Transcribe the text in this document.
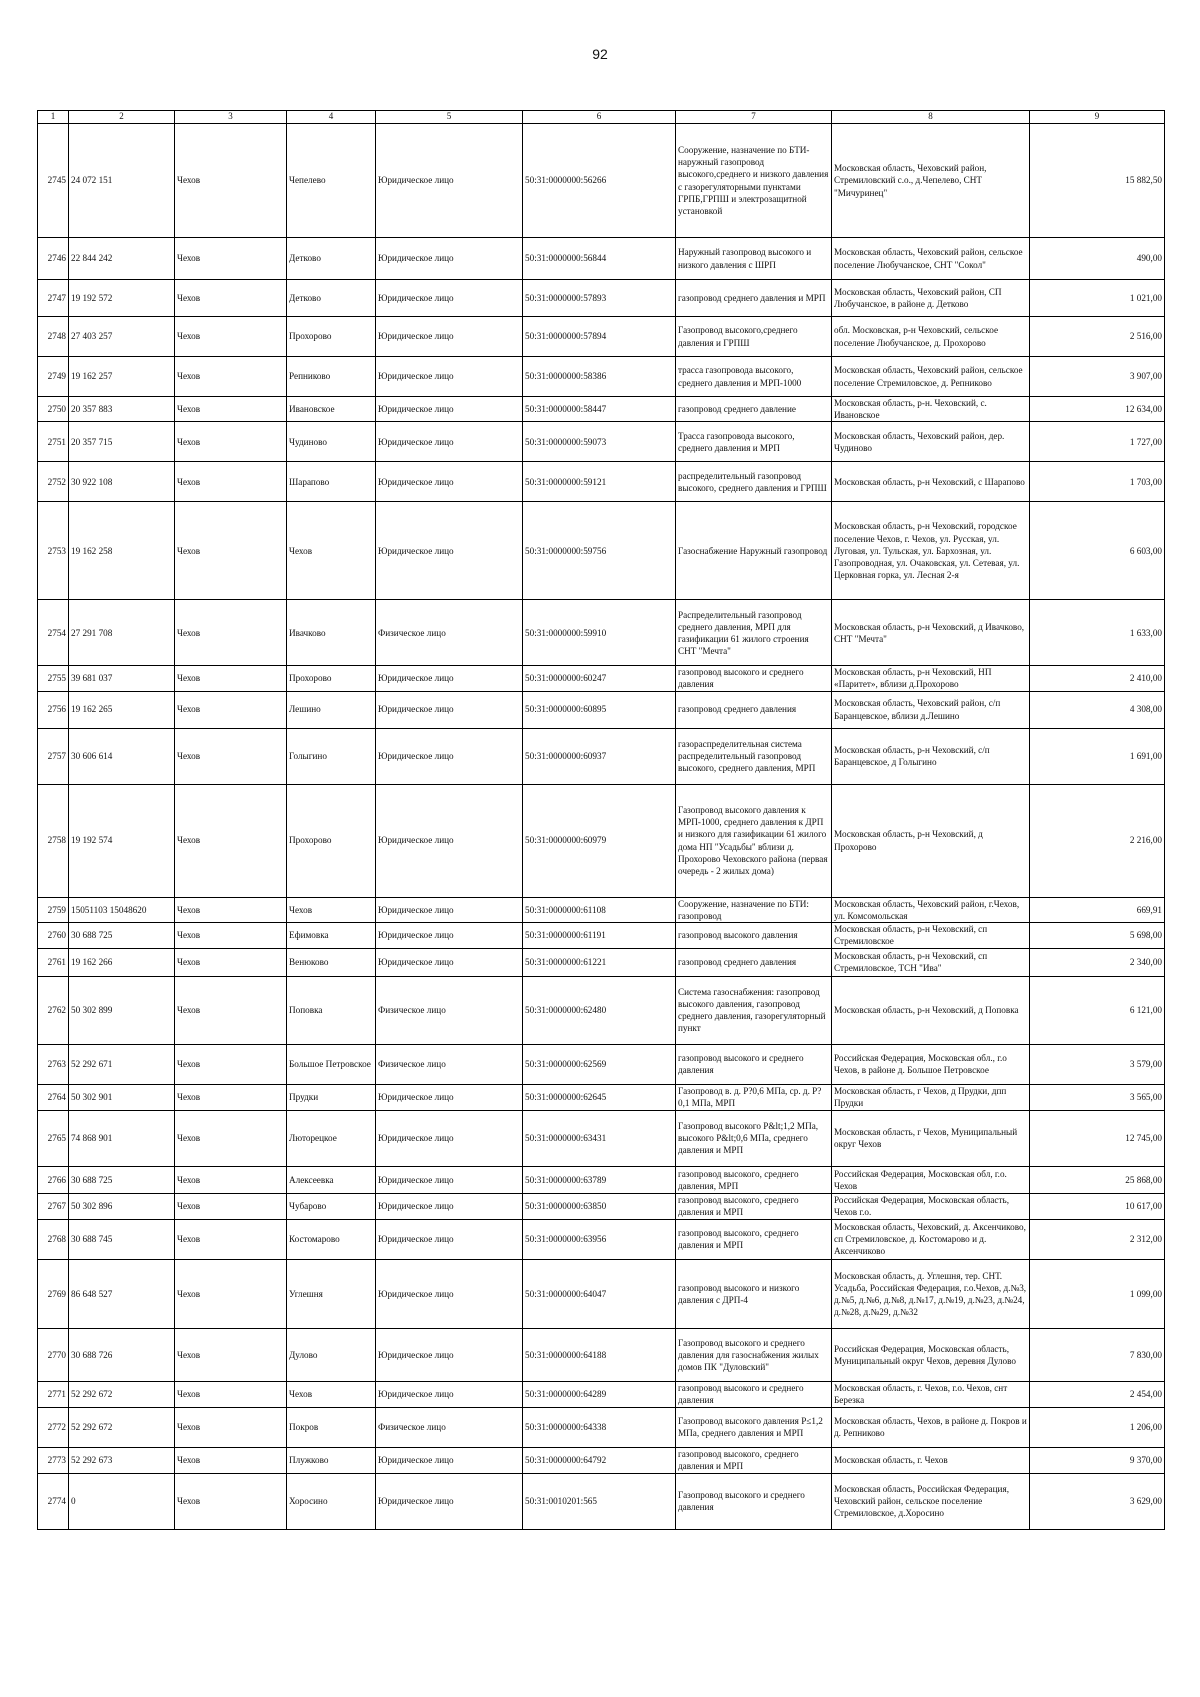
92
1	2	3	4	5	6	7	8	9
2745	24 072 151	Чехов	Чепелево	Юридическое лицо	50:31:0000000:56266	Сооружение, назначение по БТИ-наружный газопровод высокого,среднего и низкого давления с газорегуляторными пунктами ГРПБ,ГРПШ и электрозащитной установкой	Московская область, Чеховский район, Стремиловский с.о., д.Чепелево, СНТ "Мичуринец"	15 882,50
2746	22 844 242	Чехов	Детково	Юридическое лицо	50:31:0000000:56844	Наружный газопровод высокого и низкого давления с ШРП	Московская область, Чеховский район, сельское поселение Любучанское, СНТ "Сокол"	490,00
2747	19 192 572	Чехов	Детково	Юридическое лицо	50:31:0000000:57893	газопровод среднего давления и МРП	Московская область, Чеховский район, СП Любучанское, в районе д. Детково	1 021,00
2748	27 403 257	Чехов	Прохорово	Юридическое лицо	50:31:0000000:57894	Газопровод высокого,среднего давления и ГРПШ	обл. Московская, р-н Чеховский, сельское поселение Любучанское, д. Прохорово	2 516,00
2749	19 162 257	Чехов	Репниково	Юридическое лицо	50:31:0000000:58386	трасса газопровода высокого, среднего давления и МРП-1000	Московская область, Чеховский район, сельское поселение Стремиловское, д. Репниково	3 907,00
2750	20 357 883	Чехов	Ивановское	Юридическое лицо	50:31:0000000:58447	газопровод среднего давление	Московская область, р-н. Чеховский, с. Ивановское	12 634,00
2751	20 357 715	Чехов	Чудиново	Юридическое лицо	50:31:0000000:59073	Трасса газопровода высокого, среднего давления и МРП	Московская область, Чеховский район, дер. Чудиново	1 727,00
2752	30 922 108	Чехов	Шарапово	Юридическое лицо	50:31:0000000:59121	распределительный газопровод высокого, среднего давления и ГРПШ	Московская область, р-н Чеховский, с Шарапово	1 703,00
2753	19 162 258	Чехов	Чехов	Юридическое лицо	50:31:0000000:59756	Газоснабжение Наружный газопровод	Московская область, р-н Чеховский, городское поселение Чехов, г. Чехов, ул. Русская, ул. Луговая, ул. Тульская, ул. Бархозная, ул. Газопроводная, ул. Очаковская, ул. Сетевая, ул. Церковная горка, ул. Лесная 2-я	6 603,00
2754	27 291 708	Чехов	Ивачково	Физическое лицо	50:31:0000000:59910	Распределительный газопровод среднего давления, МРП для газификации 61 жилого строения СНТ "Мечта"	Московская область, р-н Чеховский, д Ивачково, СНТ "Мечта"	1 633,00
2755	39 681 037	Чехов	Прохорово	Юридическое лицо	50:31:0000000:60247	газопровод высокого и среднего давления	Московская область, р-н Чеховский, НП «Паритет», вблизи д.Прохорово	2 410,00
2756	19 162 265	Чехов	Лешино	Юридическое лицо	50:31:0000000:60895	газопровод среднего давления	Московская область, Чеховский район, с/п Баранцевское, вблизи д.Лешино	4 308,00
2757	30 606 614	Чехов	Голыгино	Юридическое лицо	50:31:0000000:60937	газораспределительная система распределительный газопровод высокого, среднего давления, МРП	Московская область, р-н Чеховский, с/п Баранцевское, д Голыгино	1 691,00
2758	19 192 574	Чехов	Прохорово	Юридическое лицо	50:31:0000000:60979	Газопровод высокого давления к МРП-1000, среднего давления к ДРП и низкого для газификации 61 жилого дома НП "Усадьбы" вблизи д. Прохорово Чеховского района (первая очередь - 2 жилых дома)	Московская область, р-н Чеховский, д Прохорово	2 216,00
2759	15051103 15048620	Чехов	Чехов	Юридическое лицо	50:31:0000000:61108	Сооружение, назначение по БТИ: газопровод	Московская область, Чеховский район, г.Чехов, ул. Комсомольская	669,91
2760	30 688 725	Чехов	Ефимовка	Юридическое лицо	50:31:0000000:61191	газопровод высокого давления	Московская область, р-н Чеховский, сп Стремиловское	5 698,00
2761	19 162 266	Чехов	Венюково	Юридическое лицо	50:31:0000000:61221	газопровод среднего давления	Московская область, р-н Чеховский, сп Стремиловское, ТСН "Ива"	2 340,00
2762	50 302 899	Чехов	Поповка	Физическое лицо	50:31:0000000:62480	Система газоснабжения: газопровод высокого давления, газопровод среднего давления, газорегуляторный пункт	Московская область, р-н Чеховский, д Поповка	6 121,00
2763	52 292 671	Чехов	Большое Петровское	Физическое лицо	50:31:0000000:62569	газопровод высокого и среднего давления	Российская Федерация, Московская обл., г.о Чехов, в районе д. Большое Петровское	3 579,00
2764	50 302 901	Чехов	Прудки	Юридическое лицо	50:31:0000000:62645	Газопровод в. д. Р?0,6 МПа, ср. д. Р?0,1 МПа, МРП	Московская область, г Чехов, д Прудки, дпп Прудки	3 565,00
2765	74 868 901	Чехов	Люторецкое	Юридическое лицо	50:31:0000000:63431	Газопровод высокого P&lt;1,2 МПа, высокого P&lt;0,6 МПа, среднего давления и МРП	Московская область, г Чехов, Муниципальный округ Чехов	12 745,00
2766	30 688 725	Чехов	Алексеевка	Юридическое лицо	50:31:0000000:63789	газопровод высокого, среднего давления, МРП	Российская Федерация, Московская обл, г.о. Чехов	25 868,00
2767	50 302 896	Чехов	Чубарово	Юридическое лицо	50:31:0000000:63850	газопровод высокого, среднего давления и МРП	Российская Федерация, Московская область, Чехов г.о.	10 617,00
2768	30 688 745	Чехов	Костомарово	Юридическое лицо	50:31:0000000:63956	газопровод высокого, среднего давления и МРП	Московская область, Чеховский, д. Аксенчиково, сп Стремиловское, д. Костомарово и д. Аксенчиково	2 312,00
2769	86 648 527	Чехов	Углешня	Юридическое лицо	50:31:0000000:64047	газопровод высокого и низкого давления с ДРП-4	Московская область, д. Углешня, тер. СНТ. Усадьба, Российская Федерация, г.о.Чехов, д.№3, д.№5, д.№6, д.№8, д.№17, д.№19, д.№23, д.№24, д.№28, д.№29, д.№32	1 099,00
2770	30 688 726	Чехов	Дулово	Юридическое лицо	50:31:0000000:64188	Газопровод высокого и среднего давления для газоснабжения жилых домов ПК "Дуловский"	Российская Федерация, Московская область, Муниципальный округ Чехов, деревня Дулово	7 830,00
2771	52 292 672	Чехов	Чехов	Юридическое лицо	50:31:0000000:64289	газопровод высокого и среднего давления	Московская область, г. Чехов, г.о. Чехов, снт Березка	2 454,00
2772	52 292 672	Чехов	Покров	Физическое лицо	50:31:0000000:64338	Газопровод высокого давления Р≤1,2 МПа, среднего давления и МРП	Московская область, Чехов, в районе д. Покров и д. Репниково	1 206,00
2773	52 292 673	Чехов	Плужково	Юридическое лицо	50:31:0000000:64792	газопровод высокого, среднего давления и МРП	Московская область, г. Чехов	9 370,00
2774	0	Чехов	Хоросино	Юридическое лицо	50:31:0010201:565	Газопровод высокого и среднего давления	Московская область, Российская Федерация, Чеховский район, сельское поселение Стремиловское, д.Хоросино	3 629,00
